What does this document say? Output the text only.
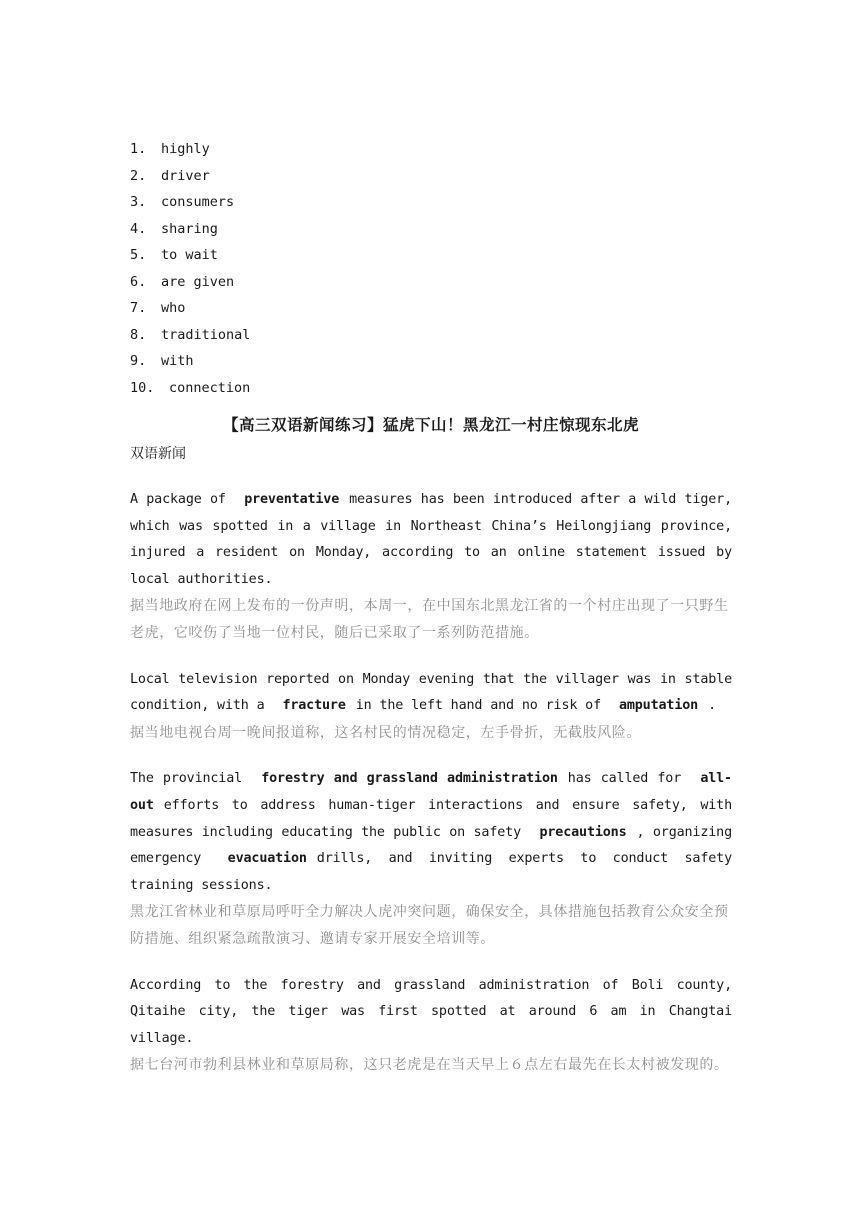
1. highly
2. driver
3. consumers
4. sharing
5. to wait
6. are given
7. who
8. traditional
9. with
10. connection
【高三双语新闻练习】猛虎下山！黑龙江一村庄惊现东北虎
双语新闻
A package of preventative measures has been introduced after a wild tiger, which was spotted in a village in Northeast China’s Heilongjiang province, injured a resident on Monday, according to an online statement issued by local authorities.
据当地政府在网上发布的一份声明，本周一，在中国东北黑龙江省的一个村庄出现了一只野生老虎，它咬伤了当地一位村民，随后已采取了一系列防范措施。
Local television reported on Monday evening that the villager was in stable condition, with a fracture in the left hand and no risk of amputation .
据当地电视台周一晚间报道称，这名村民的情况稳定，左手骨折，无截肢风险。
The provincial forestry and grassland administration has called for all-out efforts to address human-tiger interactions and ensure safety, with measures including educating the public on safety precautions , organizing emergency evacuation drills, and inviting experts to conduct safety training sessions.
黑龙江省林业和草原局呼吁全力解决人虎冲突问题，确保安全，具体措施包括教育公众安全预防措施、组织紧急疏散演习、邀请专家开展安全培训等。
According to the forestry and grassland administration of Boli county, Qitaihe city, the tiger was first spotted at around 6 am in Changtai village.
据七台河市勃利县林业和草原局称，这只老虎是在当天早上６点左右最先在长太村被发现的。
